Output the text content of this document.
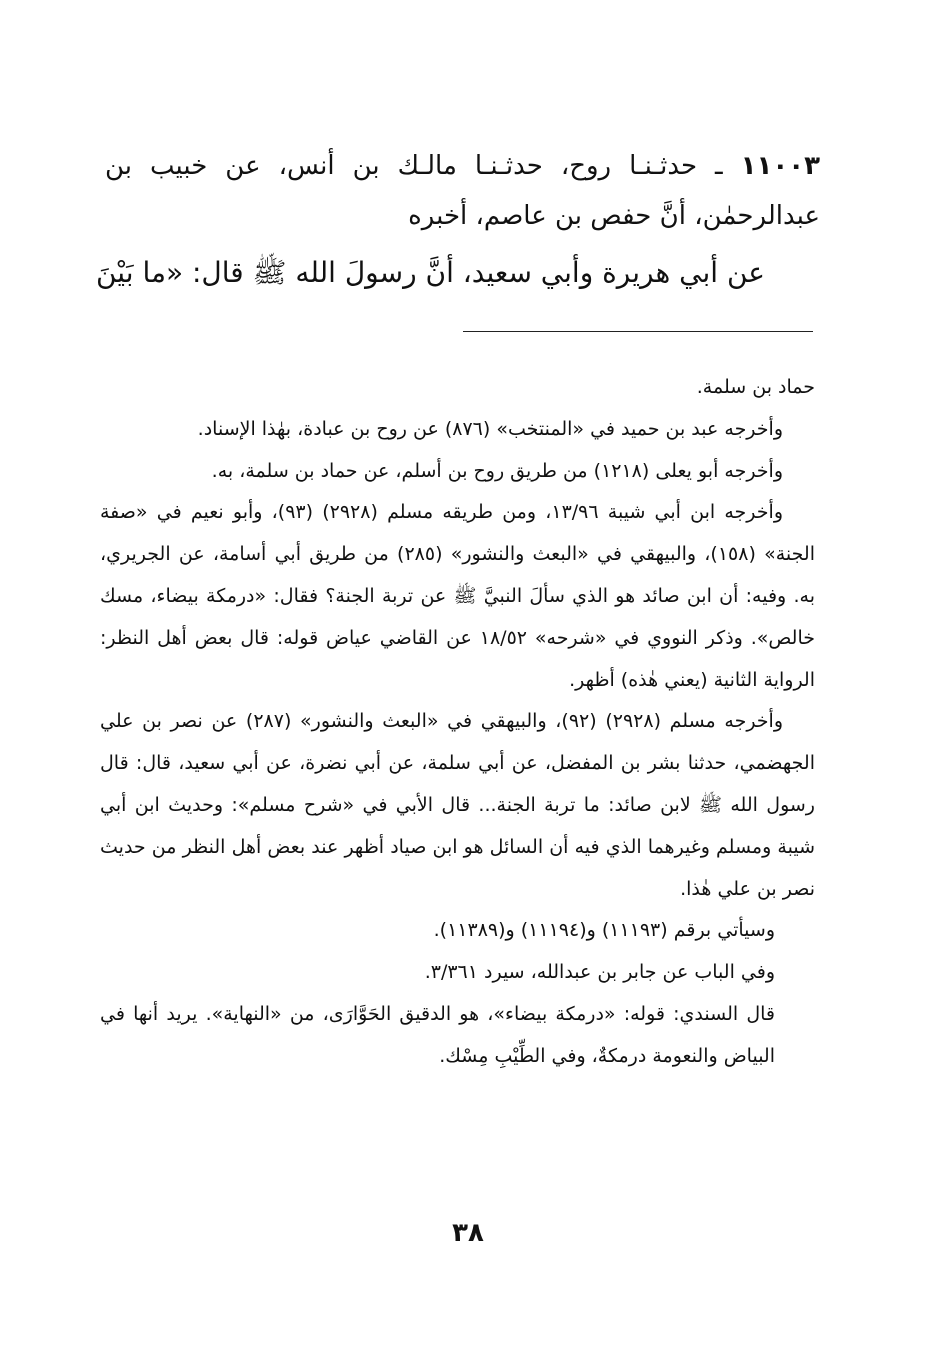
١١٠٠٣ ـ حدثـنـا روح، حدثـنـا مالـك بن أنس، عن خبيب بن
عبدالرحمٰن، أنَّ حفص بن عاصم، أخبره
عن أبي هريرة وأبي سعيد، أنَّ رسولَ الله ﷺ قال: «ما بَيْنَ

حماد بن سلمة.

وأخرجه عبد بن حميد في «المنتخب» (٨٧٦) عن روح بن عبادة، بهٰذا الإسناد.

وأخرجه أبو يعلى (١٢١٨) من طريق روح بن أسلم، عن حماد بن سلمة، به.

وأخرجه ابن أبي شيبة ١٣/٩٦، ومن طريقه مسلم (٢٩٢٨) (٩٣)، وأبو نعيم في «صفة الجنة» (١٥٨)، والبيهقي في «البعث والنشور» (٢٨٥) من طريق أبي أسامة، عن الجريري، به. وفيه: أن ابن صائد هو الذي سألَ النبيَّ ﷺ عن تربة الجنة؟ فقال: «درمكة بيضاء، مسك خالص». وذكر النووي في «شرحه» ١٨/٥٢ عن القاضي عياض قوله: قال بعض أهل النظر: الرواية الثانية (يعني هٰذه) أظهر.

وأخرجه مسلم (٢٩٢٨) (٩٢)، والبيهقي في «البعث والنشور» (٢٨٧) عن نصر بن علي الجهضمي، حدثنا بشر بن المفضل، عن أبي سلمة، عن أبي نضرة، عن أبي سعيد، قال: قال رسول الله ﷺ لابن صائد: ما تربة الجنة... قال الأبي في «شرح مسلم»: وحديث ابن أبي شيبة ومسلم وغيرهما الذي فيه أن السائل هو ابن صياد أظهر عند بعض أهل النظر من حديث نصر بن علي هٰذا.

وسيأتي برقم (١١١٩٣) و(١١١٩٤) و(١١٣٨٩).

وفي الباب عن جابر بن عبدالله، سيرد ٣/٣٦١.

قال السندي: قوله: «درمكة بيضاء»، هو الدقيق الحَوَّارَى، من «النهاية». يريد أنها في البياض والنعومة درمكةٌ، وفي الطِّيْبِ مِسْك.

٣٨
